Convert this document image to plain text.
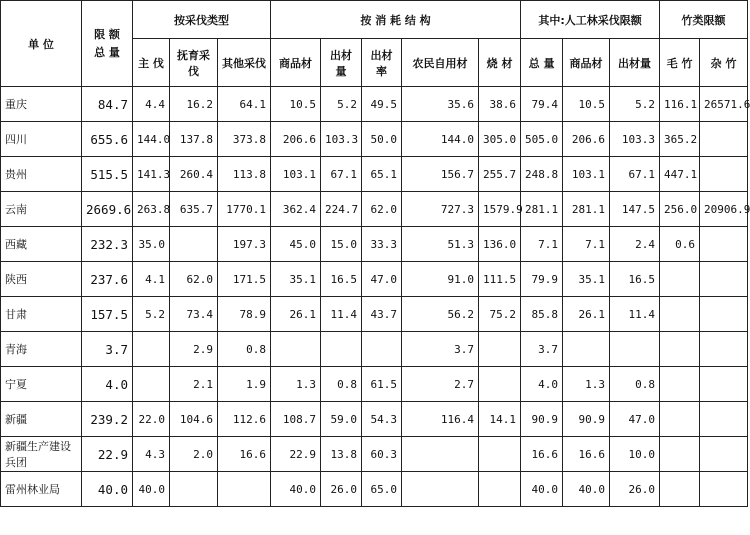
单 位	限 额
总 量	按采伐类型			按 消 耗 结 构					其中:人工林采伐限额			竹类限额	
		主 伐	抚育采伐	其他采伐	商品材	出材量	出材率	农民自用材	烧 材	总 量	商品材	出材量	毛 竹	杂 竹
重庆	84.7	4.4	16.2	64.1	10.5	5.2	49.5	35.6	38.6	79.4	10.5	5.2	116.1	26571.6
四川	655.6	144.0	137.8	373.8	206.6	103.3	50.0	144.0	305.0	505.0	206.6	103.3	365.2	
贵州	515.5	141.3	260.4	113.8	103.1	67.1	65.1	156.7	255.7	248.8	103.1	67.1	447.1	
云南	2669.6	263.8	635.7	1770.1	362.4	224.7	62.0	727.3	1579.9	281.1	281.1	147.5	256.0	20906.9
西藏	232.3	35.0		197.3	45.0	15.0	33.3	51.3	136.0	7.1	7.1	2.4	0.6	
陕西	237.6	4.1	62.0	171.5	35.1	16.5	47.0	91.0	111.5	79.9	35.1	16.5		
甘肃	157.5	5.2	73.4	78.9	26.1	11.4	43.7	56.2	75.2	85.8	26.1	11.4		
青海	3.7		2.9	0.8				3.7		3.7				
宁夏	4.0		2.1	1.9	1.3	0.8	61.5	2.7		4.0	1.3	0.8		
新疆	239.2	22.0	104.6	112.6	108.7	59.0	54.3	116.4	14.1	90.9	90.9	47.0		
新疆生产建设兵团	22.9	4.3	2.0	16.6	22.9	13.8	60.3			16.6	16.6	10.0		
雷州林业局	40.0	40.0			40.0	26.0	65.0			40.0	40.0	26.0		
